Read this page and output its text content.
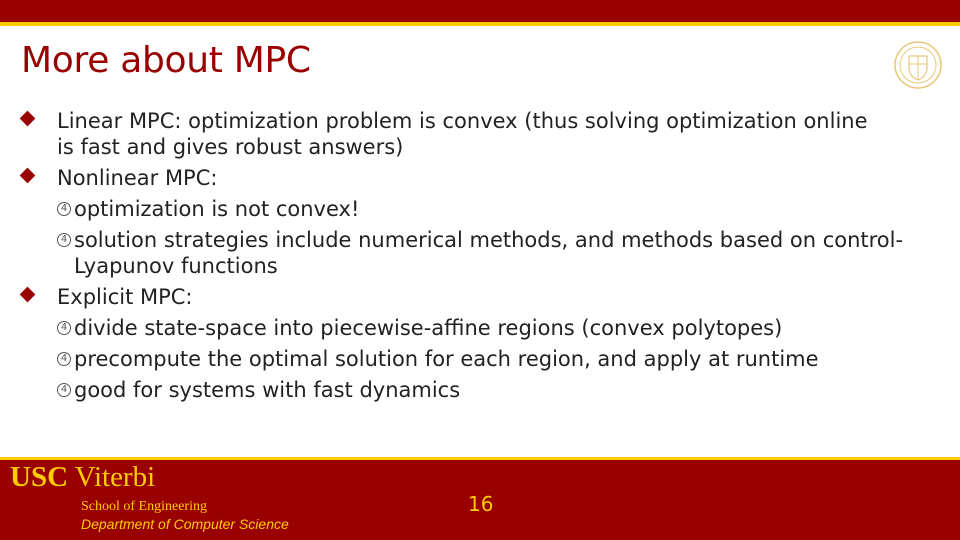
More about MPC
Linear MPC: optimization problem is convex (thus solving optimization online is fast and gives robust answers)
Nonlinear MPC:
4 optimization is not convex!
4 solution strategies include numerical methods, and methods based on control-Lyapunov functions
Explicit MPC:
4 divide state-space into piecewise-affine regions (convex polytopes)
4 precompute the optimal solution for each region, and apply at runtime
4 good for systems with fast dynamics
USC Viterbi
School of Engineering
Department of Computer Science
16
